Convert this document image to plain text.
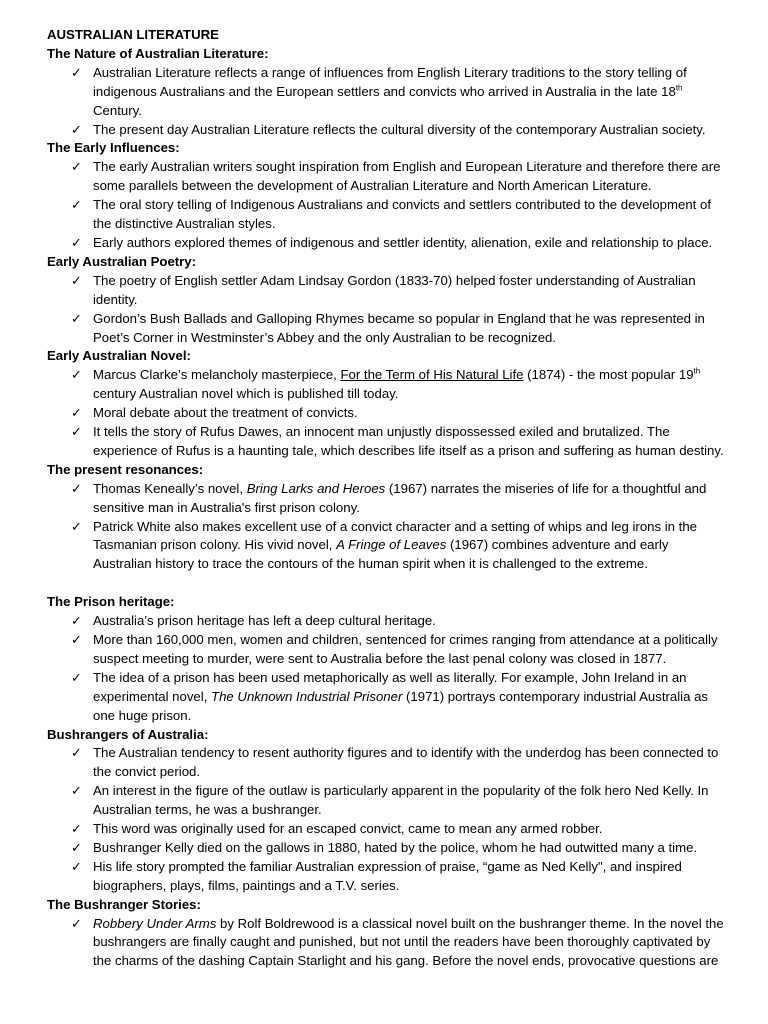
AUSTRALIAN LITERATURE
The Nature of Australian Literature:
✓ Australian Literature reflects a range of influences from English Literary traditions to the story telling of indigenous Australians and the European settlers and convicts who arrived in Australia in the late 18th Century.
✓ The present day Australian Literature reflects the cultural diversity of the contemporary Australian society.
The Early Influences:
✓ The early Australian writers sought inspiration from English and European Literature and therefore there are some parallels between the development of Australian Literature and North American Literature.
✓ The oral story telling of Indigenous Australians and convicts and settlers contributed to the development of the distinctive Australian styles.
✓ Early authors explored themes of indigenous and settler identity, alienation, exile and relationship to place.
Early Australian Poetry:
✓ The poetry of English settler Adam Lindsay Gordon (1833-70) helped foster understanding of Australian identity.
✓ Gordon’s Bush Ballads and Galloping Rhymes became so popular in England that he was represented in Poet’s Corner in Westminster’s Abbey and the only Australian to be recognized.
Early Australian Novel:
✓ Marcus Clarke’s melancholy masterpiece, For the Term of His Natural Life (1874) - the most popular 19th century Australian novel which is published till today.
✓ Moral debate about the treatment of convicts.
✓ It tells the story of Rufus Dawes, an innocent man unjustly dispossessed exiled and brutalized. The experience of Rufus is a haunting tale, which describes life itself as a prison and suffering as human destiny.
The present resonances:
✓ Thomas Keneally’s novel, Bring Larks and Heroes (1967) narrates the miseries of life for a thoughtful and sensitive man in Australia's first prison colony.
✓ Patrick White also makes excellent use of a convict character and a setting of whips and leg irons in the Tasmanian prison colony. His vivid novel, A Fringe of Leaves (1967) combines adventure and early Australian history to trace the contours of the human spirit when it is challenged to the extreme.
The Prison heritage:
✓ Australia’s prison heritage has left a deep cultural heritage.
✓ More than 160,000 men, women and children, sentenced for crimes ranging from attendance at a politically suspect meeting to murder, were sent to Australia before the last penal colony was closed in 1877.
✓ The idea of a prison has been used metaphorically as well as literally. For example, John Ireland in an experimental novel, The Unknown Industrial Prisoner (1971) portrays contemporary industrial Australia as one huge prison.
Bushrangers of Australia:
✓ The Australian tendency to resent authority figures and to identify with the underdog has been connected to the convict period.
✓ An interest in the figure of the outlaw is particularly apparent in the popularity of the folk hero Ned Kelly. In Australian terms, he was a bushranger.
✓ This word was originally used for an escaped convict, came to mean any armed robber.
✓ Bushranger Kelly died on the gallows in 1880, hated by the police, whom he had outwitted many a time.
✓ His life story prompted the familiar Australian expression of praise, “game as Ned Kelly", and inspired biographers, plays, films, paintings and a T.V. series.
The Bushranger Stories:
✓ Robbery Under Arms by Rolf Boldrewood is a classical novel built on the bushranger theme. In the novel the bushrangers are finally caught and punished, but not until the readers have been thoroughly captivated by the charms of the dashing Captain Starlight and his gang. Before the novel ends, provocative questions are
